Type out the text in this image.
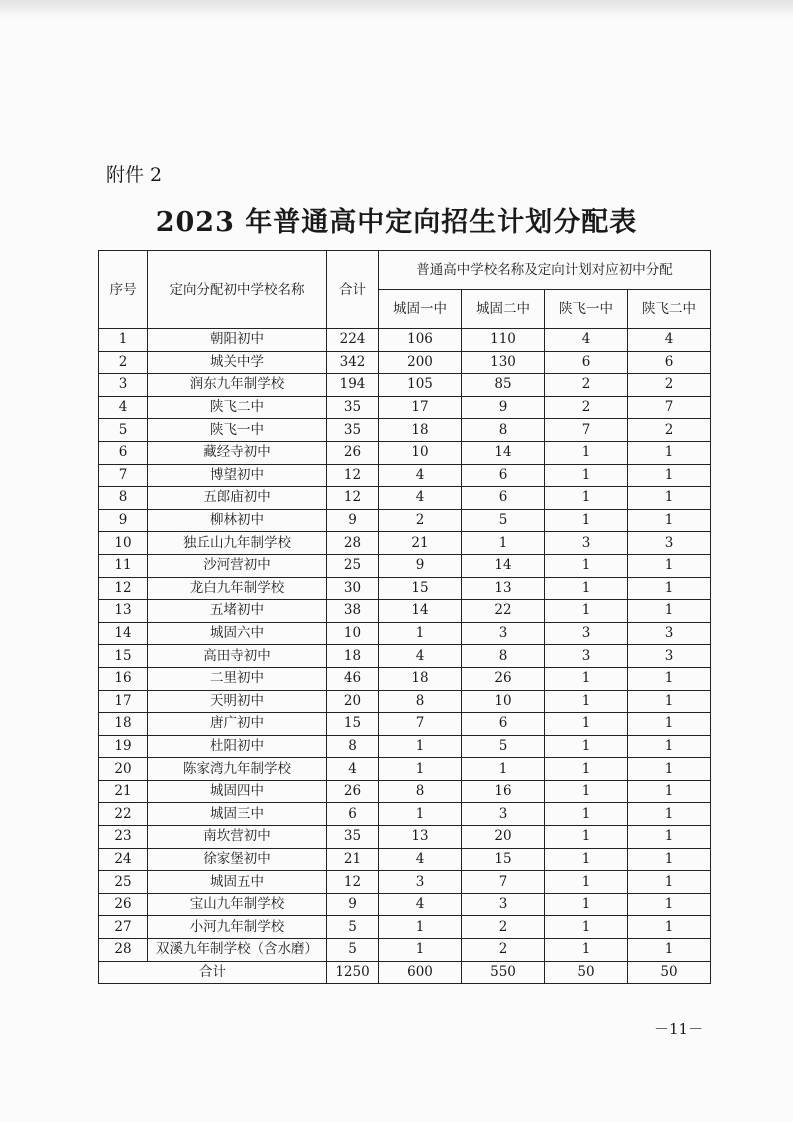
附件 2
2023 年普通高中定向招生计划分配表
序号	定向分配初中学校名称	合计	普通高中学校名称及定向计划对应初中分配			
			城固一中	城固二中	陕飞一中	陕飞二中
1	朝阳初中	224	106	110	4	4
2	城关中学	342	200	130	6	6
3	润东九年制学校	194	105	85	2	2
4	陕飞二中	35	17	9	2	7
5	陕飞一中	35	18	8	7	2
6	藏经寺初中	26	10	14	1	1
7	博望初中	12	4	6	1	1
8	五郎庙初中	12	4	6	1	1
9	柳林初中	9	2	5	1	1
10	独丘山九年制学校	28	21	1	3	3
11	沙河营初中	25	9	14	1	1
12	龙白九年制学校	30	15	13	1	1
13	五堵初中	38	14	22	1	1
14	城固六中	10	1	3	3	3
15	高田寺初中	18	4	8	3	3
16	二里初中	46	18	26	1	1
17	天明初中	20	8	10	1	1
18	唐广初中	15	7	6	1	1
19	杜阳初中	8	1	5	1	1
20	陈家湾九年制学校	4	1	1	1	1
21	城固四中	26	8	16	1	1
22	城固三中	6	1	3	1	1
23	南坎营初中	35	13	20	1	1
24	徐家堡初中	21	4	15	1	1
25	城固五中	12	3	7	1	1
26	宝山九年制学校	9	4	3	1	1
27	小河九年制学校	5	1	2	1	1
28	双溪九年制学校（含水磨）	5	1	2	1	1
合计		1250	600	550	50	50
－11－
